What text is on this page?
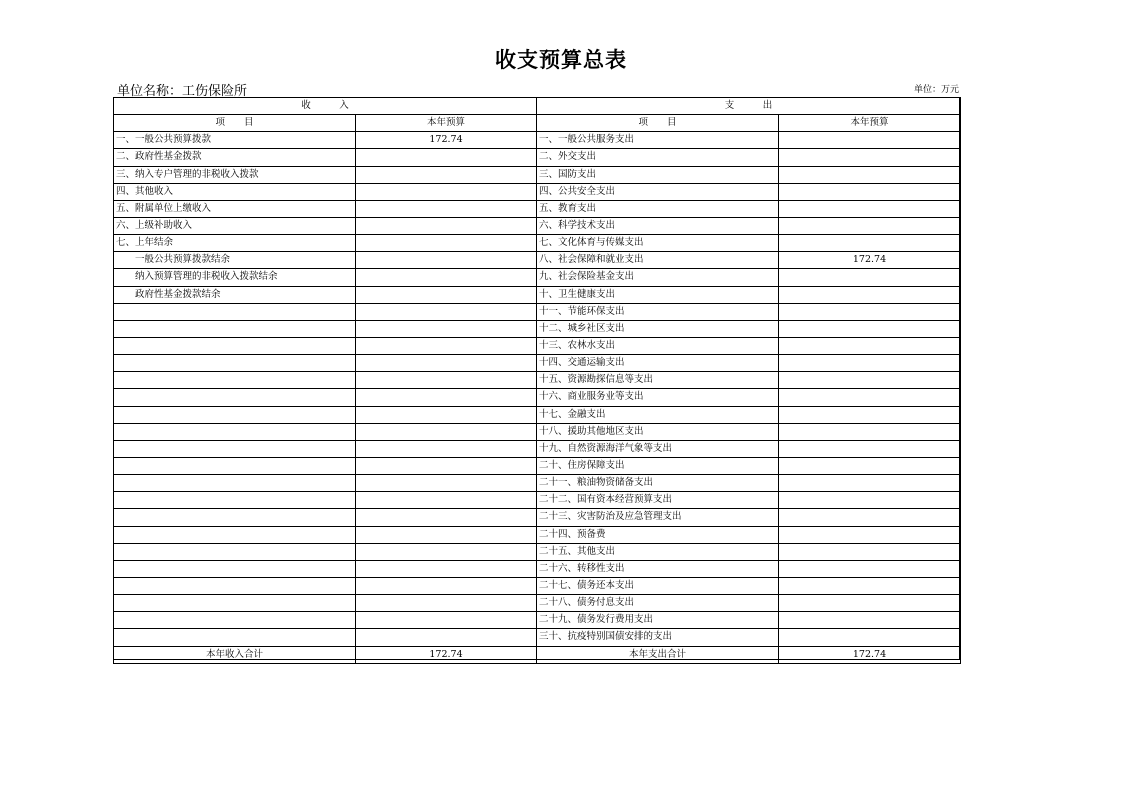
收支预算总表
单位名称：工伤保险所	单位：万元
收　　　入		支　　　出	
项　　目	本年预算	项　　目	本年预算
一、一般公共预算拨款	172.74	一、一般公共服务支出	
二、政府性基金拨款		二、外交支出	
三、纳入专户管理的非税收入拨款		三、国防支出	
四、其他收入		四、公共安全支出	
五、附属单位上缴收入		五、教育支出	
六、上级补助收入		六、科学技术支出	
七、上年结余		七、文化体育与传媒支出	
一般公共预算拨款结余		八、社会保障和就业支出	172.74
纳入预算管理的非税收入拨款结余		九、社会保险基金支出	
政府性基金拨款结余		十、卫生健康支出	
		十一、节能环保支出	
		十二、城乡社区支出	
		十三、农林水支出	
		十四、交通运输支出	
		十五、资源勘探信息等支出	
		十六、商业服务业等支出	
		十七、金融支出	
		十八、援助其他地区支出	
		十九、自然资源海洋气象等支出	
		二十、住房保障支出	
		二十一、粮油物资储备支出	
		二十二、国有资本经营预算支出	
		二十三、灾害防治及应急管理支出	
		二十四、预备费	
		二十五、其他支出	
		二十六、转移性支出	
		二十七、债务还本支出	
		二十八、债务付息支出	
		二十九、债务发行费用支出	
		三十、抗疫特别国债安排的支出	
本年收入合计	172.74	本年支出合计	172.74
